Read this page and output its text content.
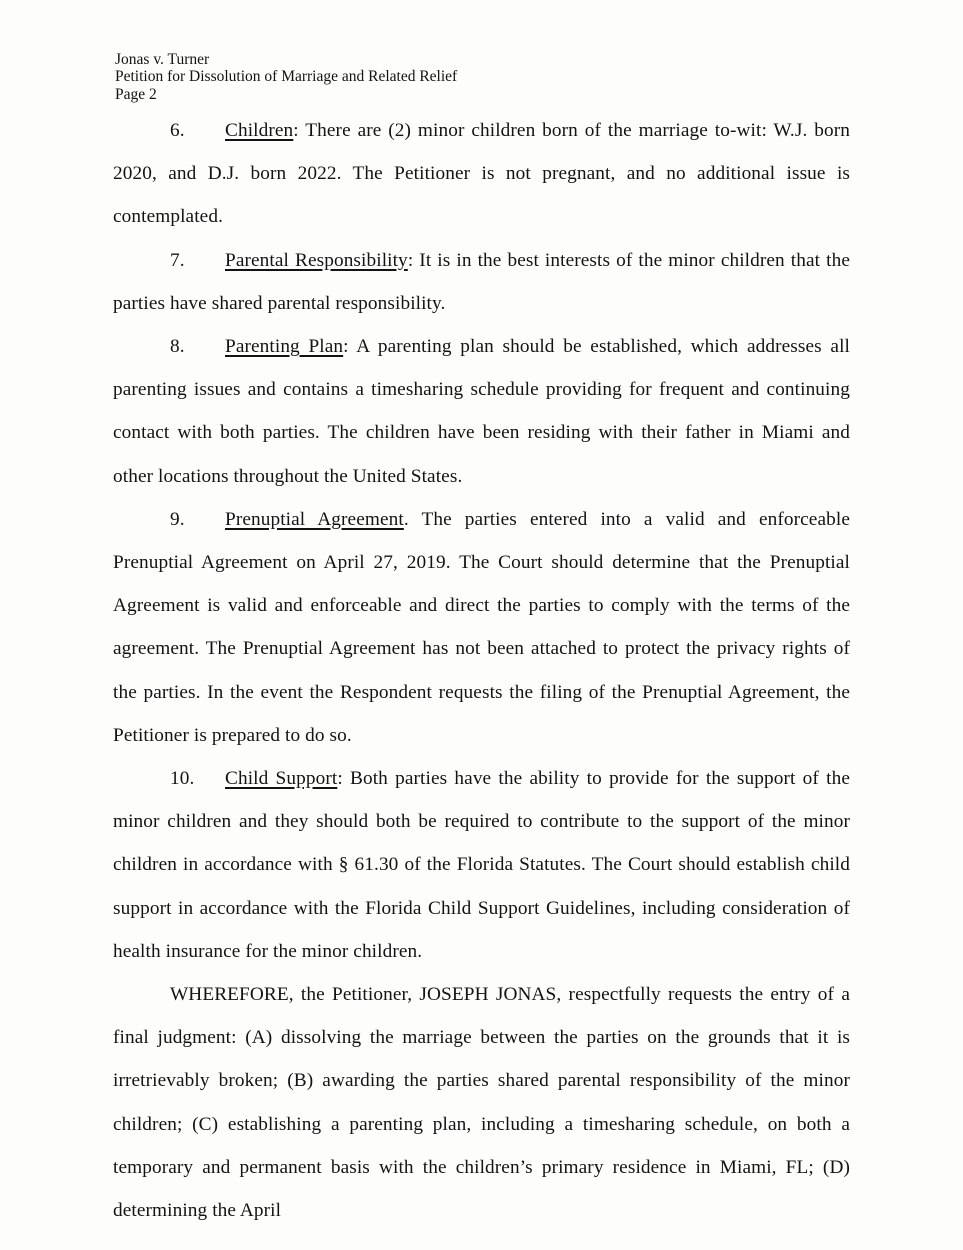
Jonas v. Turner
Petition for Dissolution of Marriage and Related Relief
Page 2

6. Children: There are (2) minor children born of the marriage to-wit: W.J. born 2020, and D.J. born 2022. The Petitioner is not pregnant, and no additional issue is contemplated.

7. Parental Responsibility: It is in the best interests of the minor children that the parties have shared parental responsibility.

8. Parenting Plan: A parenting plan should be established, which addresses all parenting issues and contains a timesharing schedule providing for frequent and continuing contact with both parties. The children have been residing with their father in Miami and other locations throughout the United States.

9. Prenuptial Agreement. The parties entered into a valid and enforceable Prenuptial Agreement on April 27, 2019. The Court should determine that the Prenuptial Agreement is valid and enforceable and direct the parties to comply with the terms of the agreement. The Prenuptial Agreement has not been attached to protect the privacy rights of the parties. In the event the Respondent requests the filing of the Prenuptial Agreement, the Petitioner is prepared to do so.

10. Child Support: Both parties have the ability to provide for the support of the minor children and they should both be required to contribute to the support of the minor children in accordance with § 61.30 of the Florida Statutes. The Court should establish child support in accordance with the Florida Child Support Guidelines, including consideration of health insurance for the minor children.

WHEREFORE, the Petitioner, JOSEPH JONAS, respectfully requests the entry of a final judgment: (A) dissolving the marriage between the parties on the grounds that it is irretrievably broken; (B) awarding the parties shared parental responsibility of the minor children; (C) establishing a parenting plan, including a timesharing schedule, on both a temporary and permanent basis with the children’s primary residence in Miami, FL; (D) determining the April
